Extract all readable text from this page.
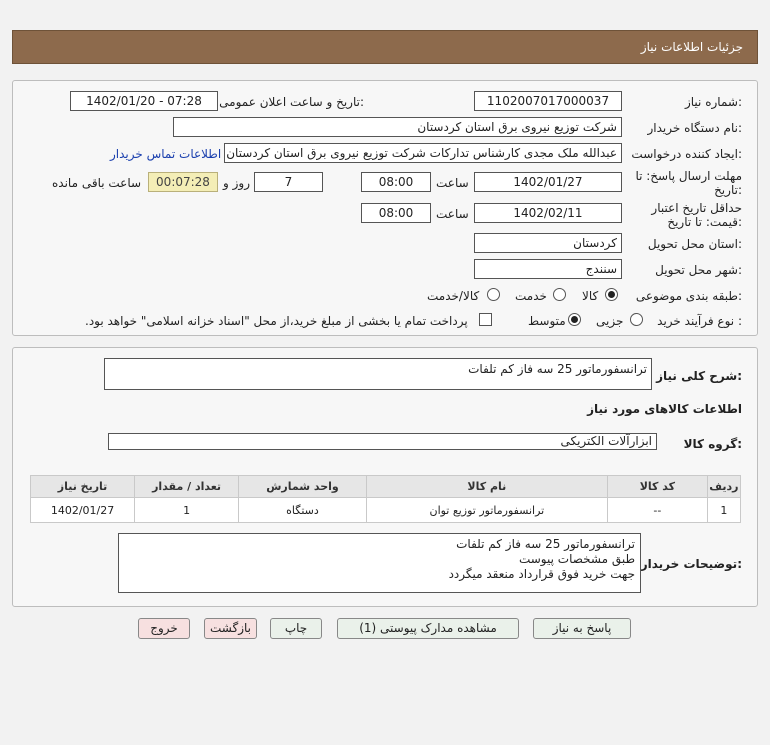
جزئیات اطلاعات نیاز
شماره نیاز:
1102007017000037
تاریخ و ساعت اعلان عمومی:
1402/01/20 - 07:28
نام دستگاه خریدار:
شرکت توزیع نیروی برق استان کردستان
ایجاد کننده درخواست:
عبدالله ملک مجدی کارشناس تدارکات شرکت توزیع نیروی برق استان کردستان
اطلاعات تماس خریدار
مهلت ارسال پاسخ: تا
تاریخ:
1402/01/27
ساعت
08:00
7
روز و
00:07:28
ساعت باقی مانده
حداقل تاریخ اعتبار
قیمت: تا تاریخ:
1402/02/11
ساعت
08:00
استان محل تحویل:
کردستان
شهر محل تحویل:
سنندج
طبقه بندی موضوعی:
کالا
خدمت
کالا/خدمت
نوع فرآیند خرید :
جزیی
متوسط
پرداخت تمام یا بخشی از مبلغ خرید،از محل "اسناد خزانه اسلامی" خواهد بود.
شرح کلی نیاز:
ترانسفورماتور 25 سه فاز کم تلفات
اطلاعات کالاهای مورد نیاز
گروه کالا:
ابزارآلات الکتریکی
ردیف	کد کالا	نام کالا	واحد شمارش	تعداد / مقدار	تاریخ نیاز
1	--	ترانسفورماتور توزیع توان	دستگاه	1	1402/01/27
توضیحات خریدار:
ترانسفورماتور 25 سه فاز کم تلفات
طبق مشخصات پیوست
جهت خرید فوق قرارداد منعقد میگردد
پاسخ به نیاز
مشاهده مدارک پیوستی (1)
چاپ
بازگشت
خروج
